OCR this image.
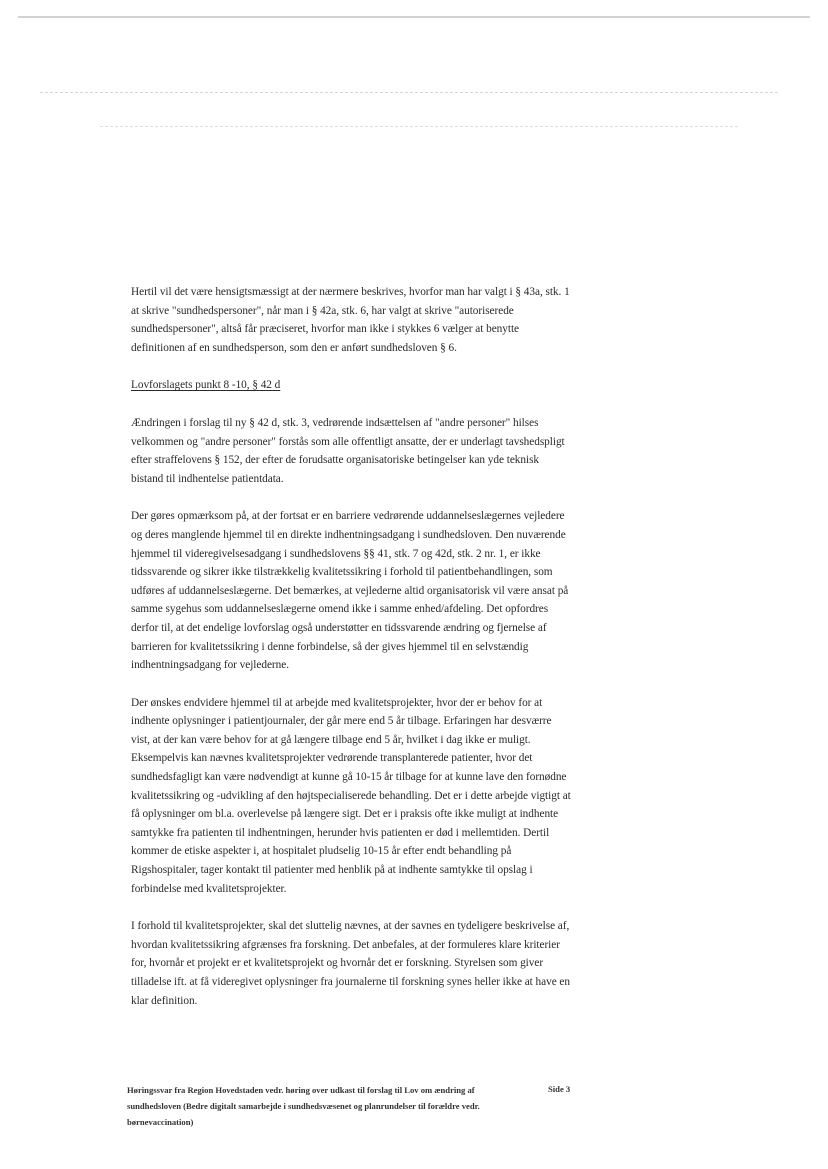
Hertil vil det være hensigtsmæssigt at der nærmere beskrives, hvorfor man har valgt i § 43a, stk. 1 at skrive "sundhedspersoner", når man i § 42a, stk. 6, har valgt at skrive "autoriserede sundhedspersoner", altså får præciseret, hvorfor man ikke i stykkes 6 vælger at benytte definitionen af en sundhedsperson, som den er anført sundhedsloven § 6.

Lovforslagets punkt 8 -10, § 42 d

Ændringen i forslag til ny § 42 d, stk. 3, vedrørende indsættelsen af "andre personer" hilses velkommen og "andre personer" forstås som alle offentligt ansatte, der er underlagt tavshedspligt efter straffelovens § 152, der efter de forudsatte organisatoriske betingelser kan yde teknisk bistand til indhentelse patientdata.

Der gøres opmærksom på, at der fortsat er en barriere vedrørende uddannelseslægernes vejledere og deres manglende hjemmel til en direkte indhentningsadgang i sundhedsloven. Den nuværende hjemmel til videregivelsesadgang i sundhedslovens §§ 41, stk. 7 og 42d, stk. 2 nr. 1, er ikke tidssvarende og sikrer ikke tilstrækkelig kvalitetssikring i forhold til patientbehandlingen, som udføres af uddannelseslægerne. Det bemærkes, at vejlederne altid organisatorisk vil være ansat på samme sygehus som uddannelseslægerne omend ikke i samme enhed/afdeling. Det opfordres derfor til, at det endelige lovforslag også understøtter en tidssvarende ændring og fjernelse af barrieren for kvalitetssikring i denne forbindelse, så der gives hjemmel til en selvstændig indhentningsadgang for vejlederne.

Der ønskes endvidere hjemmel til at arbejde med kvalitetsprojekter, hvor der er behov for at indhente oplysninger i patientjournaler, der går mere end 5 år tilbage. Erfaringen har desværre vist, at der kan være behov for at gå længere tilbage end 5 år, hvilket i dag ikke er muligt. Eksempelvis kan nævnes kvalitetsprojekter vedrørende transplanterede patienter, hvor det sundhedsfagligt kan være nødvendigt at kunne gå 10-15 år tilbage for at kunne lave den fornødne kvalitetssikring og -udvikling af den højtspecialiserede behandling. Det er i dette arbejde vigtigt at få oplysninger om bl.a. overlevelse på længere sigt. Det er i praksis ofte ikke muligt at indhente samtykke fra patienten til indhentningen, herunder hvis patienten er død i mellemtiden. Dertil kommer de etiske aspekter i, at hospitalet pludselig 10-15 år efter endt behandling på Rigshospitaler, tager kontakt til patienter med henblik på at indhente samtykke til opslag i forbindelse med kvalitetsprojekter.

I forhold til kvalitetsprojekter, skal det sluttelig nævnes, at der savnes en tydeligere beskrivelse af, hvordan kvalitetssikring afgrænses fra forskning. Det anbefales, at der formuleres klare kriterier for, hvornår et projekt er et kvalitetsprojekt og hvornår det er forskning. Styrelsen som giver tilladelse ift. at få videregivet oplysninger fra journalerne til forskning synes heller ikke at have en klar definition.

Høringssvar fra Region Hovedstaden vedr. høring over udkast til forslag til Lov om ændring af sundhedsloven (Bedre digitalt samarbejde i sundhedsvæsenet og planrundelser til forældre vedr. børnevaccination)
Side 3
